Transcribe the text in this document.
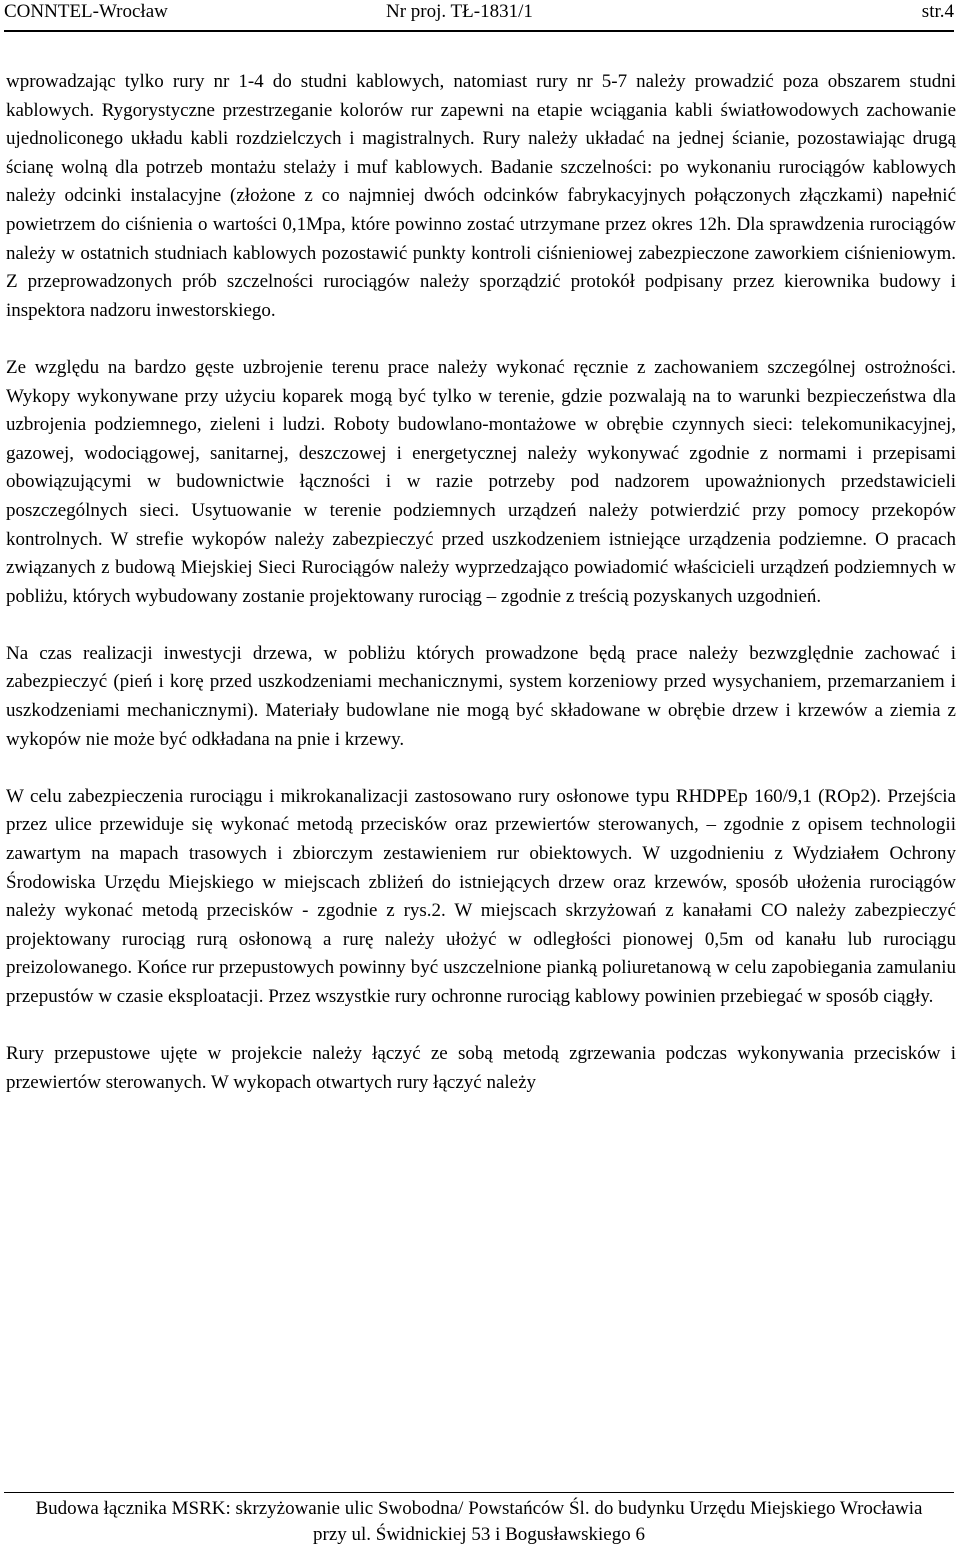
CONNTEL-Wrocław	Nr proj. TŁ-1831/1	str.4

wprowadzając tylko rury nr 1-4 do studni kablowych, natomiast rury nr 5-7 należy prowadzić poza obszarem studni kablowych. Rygorystyczne przestrzeganie kolorów rur zapewni na etapie wciągania kabli światłowodowych zachowanie ujednoliconego układu kabli rozdzielczych i magistralnych. Rury należy układać na jednej ścianie, pozostawiając drugą ścianę wolną dla potrzeb montażu stelaży i muf kablowych. Badanie szczelności: po wykonaniu rurociągów kablowych należy odcinki instalacyjne (złożone z co najmniej dwóch odcinków fabrykacyjnych połączonych złączkami) napełnić powietrzem do ciśnienia o wartości 0,1Mpa, które powinno zostać utrzymane przez okres 12h. Dla sprawdzenia rurociągów należy w ostatnich studniach kablowych pozostawić punkty kontroli ciśnieniowej zabezpieczone zaworkiem ciśnieniowym. Z przeprowadzonych prób szczelności rurociągów należy sporządzić protokół podpisany przez kierownika budowy i inspektora nadzoru inwestorskiego.

Ze względu na bardzo gęste uzbrojenie terenu prace należy wykonać ręcznie z zachowaniem szczególnej ostrożności. Wykopy wykonywane przy użyciu koparek mogą być tylko w terenie, gdzie pozwalają na to warunki bezpieczeństwa dla uzbrojenia podziemnego, zieleni i ludzi. Roboty budowlano-montażowe w obrębie czynnych sieci: telekomunikacyjnej, gazowej, wodociągowej, sanitarnej, deszczowej i energetycznej należy wykonywać zgodnie z normami i przepisami obowiązującymi w budownictwie łączności i w razie potrzeby pod nadzorem upoważnionych przedstawicieli poszczególnych sieci. Usytuowanie w terenie podziemnych urządzeń należy potwierdzić przy pomocy przekopów kontrolnych. W strefie wykopów należy zabezpieczyć przed uszkodzeniem istniejące urządzenia podziemne. O pracach związanych z budową Miejskiej Sieci Rurociągów należy wyprzedzająco powiadomić właścicieli urządzeń podziemnych w pobliżu, których wybudowany zostanie projektowany rurociąg – zgodnie z treścią pozyskanych uzgodnień.

Na czas realizacji inwestycji drzewa, w pobliżu których prowadzone będą prace należy bezwzględnie zachować i zabezpieczyć (pień i korę przed uszkodzeniami mechanicznymi, system korzeniowy przed wysychaniem, przemarzaniem i uszkodzeniami mechanicznymi). Materiały budowlane nie mogą być składowane w obrębie drzew i krzewów a ziemia z wykopów nie może być odkładana na pnie i krzewy.

W celu zabezpieczenia rurociągu i mikrokanalizacji zastosowano rury osłonowe typu RHDPEp 160/9,1 (ROp2). Przejścia przez ulice przewiduje się wykonać metodą przecisków oraz przewiertów sterowanych, – zgodnie z opisem technologii zawartym na mapach trasowych i zbiorczym zestawieniem rur obiektowych. W uzgodnieniu z Wydziałem Ochrony Środowiska Urzędu Miejskiego w miejscach zbliżeń do istniejących drzew oraz krzewów, sposób ułożenia rurociągów należy wykonać metodą przecisków - zgodnie z rys.2. W miejscach skrzyżowań z kanałami CO należy zabezpieczyć projektowany rurociąg rurą osłonową a rurę należy ułożyć w odległości pionowej 0,5m od kanału lub rurociągu preizolowanego. Końce rur przepustowych powinny być uszczelnione pianką poliuretanową w celu zapobiegania zamulaniu przepustów w czasie eksploatacji. Przez wszystkie rury ochronne rurociąg kablowy powinien przebiegać w sposób ciągły.

Rury przepustowe ujęte w projekcie należy łączyć ze sobą metodą zgrzewania podczas wykonywania przecisków i przewiertów sterowanych. W wykopach otwartych rury łączyć należy

Budowa łącznika MSRK: skrzyżowanie ulic Swobodna/ Powstańców Śl. do budynku Urzędu Miejskiego Wrocławia
przy ul. Świdnickiej 53 i Bogusławskiego 6
